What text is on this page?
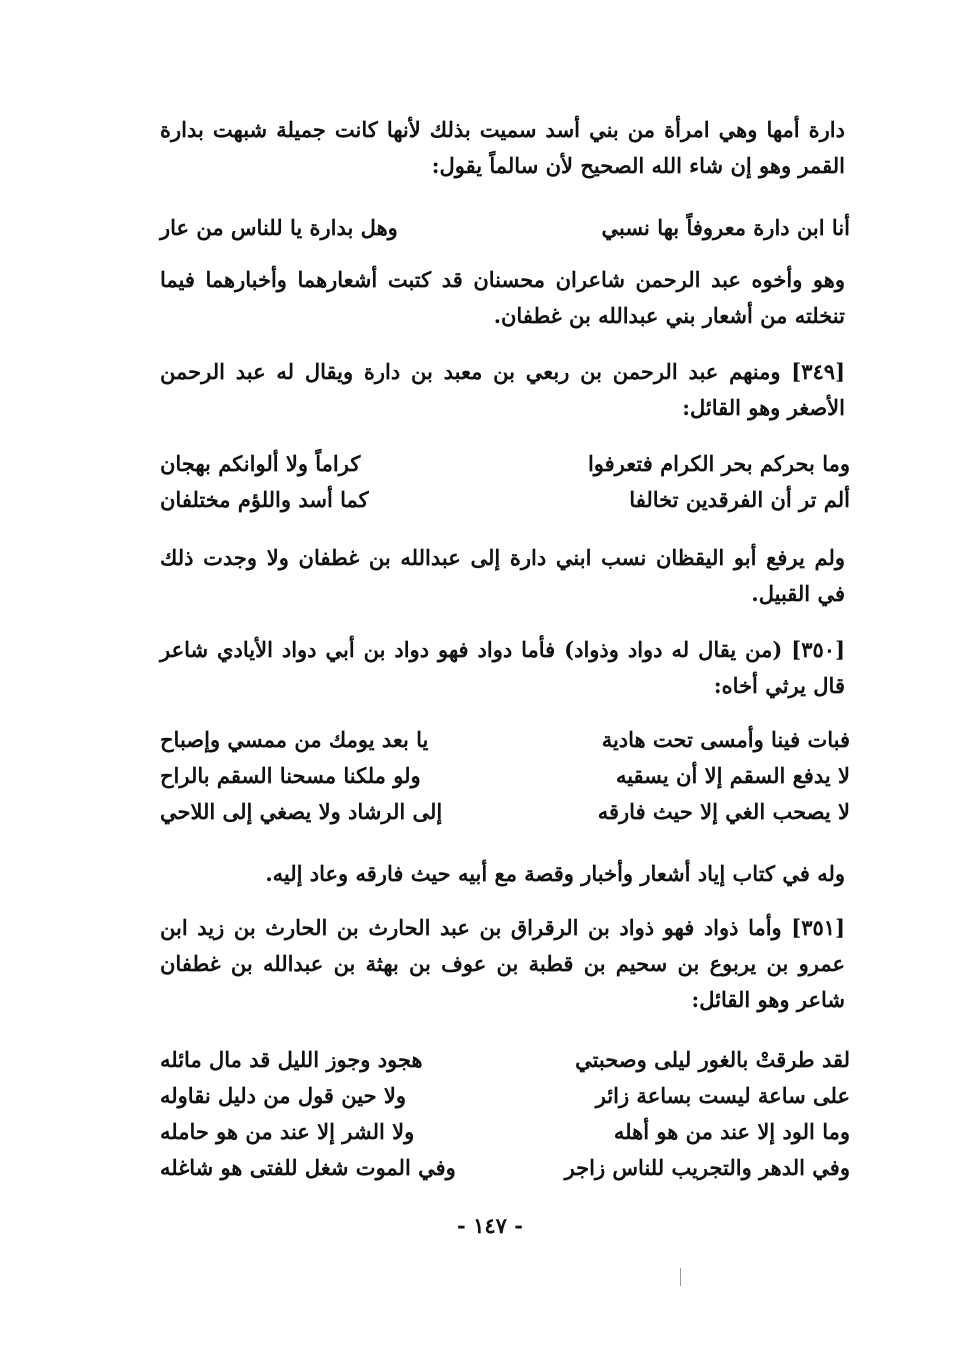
دارة أمها وهي امرأة من بني أسد سميت بذلك لأنها كانت جميلة شبهت بدارة القمر وهو إن شاء الله الصحيح لأن سالماً يقول:
أنا ابن دارة معروفاً بها نسبي
وهل بدارة يا للناس من عار
وهو وأخوه عبد الرحمن شاعران محسنان قد كتبت أشعارهما وأخبارهما فيما تنخلته من أشعار بني عبدالله بن غطفان.
[٣٤٩] ومنهم عبد الرحمن بن ربعي بن معبد بن دارة ويقال له عبد الرحمن الأصغر وهو القائل:
وما بحركم بحر الكرام فتعرفوا
كراماً ولا ألوانكم بهجان
ألم تر أن الفرقدين تخالفا
كما أسد واللؤم مختلفان
ولم يرفع أبو اليقظان نسب ابني دارة إلى عبدالله بن غطفان ولا وجدت ذلك في القبيل.
[٣٥٠] (من يقال له دواد وذواد) فأما دواد فهو دواد بن أبي دواد الأيادي شاعر قال يرثي أخاه:
فبات فينا وأمسى تحت هادية
يا بعد يومك من ممسي وإصباح
لا يدفع السقم إلا أن يسقيه
ولو ملكنا مسحنا السقم بالراح
لا يصحب الغي إلا حيث فارقه
إلى الرشاد ولا يصغي إلى اللاحي
وله في كتاب إياد أشعار وأخبار وقصة مع أبيه حيث فارقه وعاد إليه.
[٣٥١] وأما ذواد فهو ذواد بن الرقراق بن عبد الحارث بن الحارث بن زيد ابن عمرو بن يربوع بن سحيم بن قطبة بن عوف بن بهثة بن عبدالله بن غطفان شاعر وهو القائل:
لقد طرقتْ بالغور ليلى وصحبتي
هجود وجوز الليل قد مال مائله
على ساعة ليست بساعة زائر
ولا حين قول من دليل نقاوله
وما الود إلا عند من هو أهله
ولا الشر إلا عند من هو حامله
وفي الدهر والتجريب للناس زاجر
وفي الموت شغل للفتى هو شاغله
- ١٤٧ -
